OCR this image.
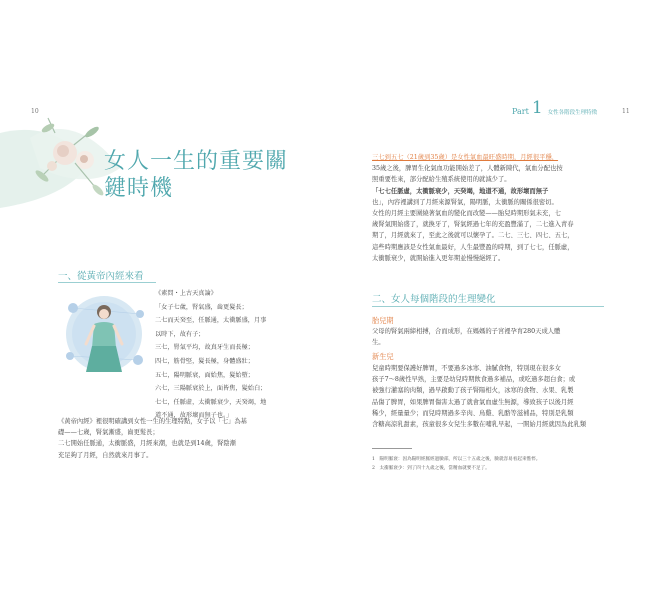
10
女人一生的重要關
鍵時機
一、從黃帝內經來看
《素問・上古天真論》
「女子七歲，腎氣盛，齒更髮長；
二七而天癸至，任脈通，太衝脈盛，月事
以時下，故有子；
三七，腎氣平均，故真牙生而長極；
四七，筋骨堅，髮長極，身體盛壯；
五七，陽明脈衰，面始焦，髮始墮；
六七，三陽脈衰於上，面皆焦，髮始白；
七七，任脈虛，太衝脈衰少，天癸竭，地
道不通，故形壞而無子也。」
《黃帝內經》裡很明確講到女性一生的生理特點，女子以「七」為基
礎——七歲，腎氣漸盛，齒更髮長；
二七開始任脈通，太衝脈盛，月經來潮，也就是到14歲，腎陰漸
充足夠了月經，自然就來月事了。
Part 1 女性各階段生理特徵	11
三七到五七（21歲到35歲）是女性氣血最旺盛時期，月經很平穩，
35歲之後，脾胃生化氣血功能開始差了，人體新陳代，氣血分配也按
照重要性來，部分配給生殖系統使用的就減少了。
「七七任脈虛，太衝脈衰少，天癸竭，地道不通，故形壞而無子
也」，內容裡講到了月經來源腎氣，陽明脈，太衝脈的關係很密切。
女性的月經主要圍繞著氣血的變化而改變——胎兒時期形氣未充，七
歲腎氣開始盛了，就換牙了，腎氣經過七年的充盈豐滿了，二七進入青春
期了，月經就來了，至此之後就可以懷孕了。二七、三七、四七、五七，
這些時期應該是女性氣血最好，人生最豐盈的時期，到了七七，任脈虛，
太衝脈衰少，就開始進入更年期並慢慢絕經了。
二、女人每個階段的生理變化
胎兒期
父母的腎氣兩締相搏，合而成形，在媽媽的子宮裡孕育280天成人體
生。
新生兒
兒童時期要保護好脾胃，不要過多冰寒、油膩食物，特別現在很多女
孩子7～8歲性早熟，主要是幼兒時期飲食過多補品，或吃過多超白食；或
被強行灌塞的肉類，過早啟動了孩子腎陽相火，冰寒的食物、水果、乳製
品傷了脾胃，如果脾胃傷害太過了就會氣血虛生無源，導致孩子以後月經
稀少，經量量少；而兒時期過多辛肉、鳥雞、乳酪等滋補品，特別是乳類
含糖高涼乳甜素，孩童很多女兒生多數在哺乳早起，一開始月經就因為此乳類
1　陽明脈衰：因為陽明經脈經過臉部，所以三十五歲之後，臉就容易看起來憔悴。
2　太衝脈衰少：到了四十九歲之後，當精血就要不足了。
